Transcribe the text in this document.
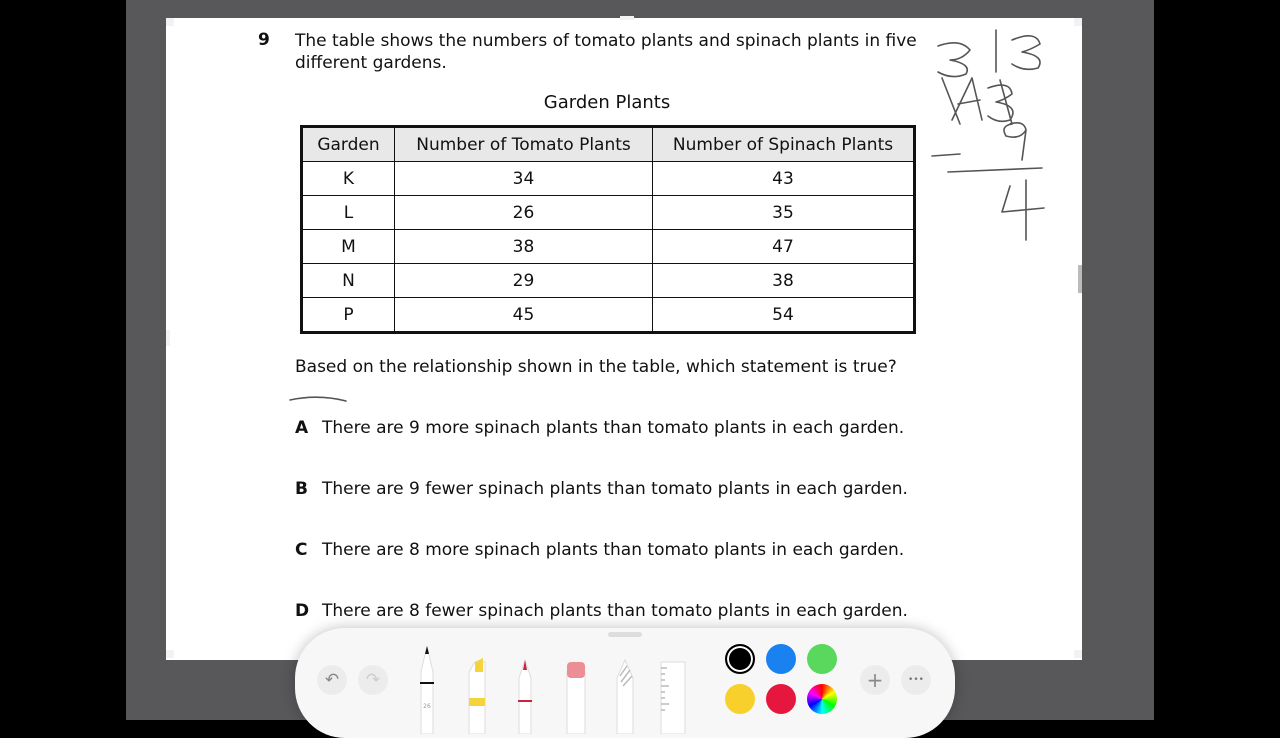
9 The table shows the numbers of tomato plants and spinach plants in five different gardens.
Garden Plants
Garden	Number of Tomato Plants	Number of Spinach Plants
K	34	43
L	26	35
M	38	47
N	29	38
P	45	54
Based on the relationship shown in the table, which statement is true?
A There are 9 more spinach plants than tomato plants in each garden.
B There are 9 fewer spinach plants than tomato plants in each garden.
C There are 8 more spinach plants than tomato plants in each garden.
D There are 8 fewer spinach plants than tomato plants in each garden.
↶	↷
26
+	•••
